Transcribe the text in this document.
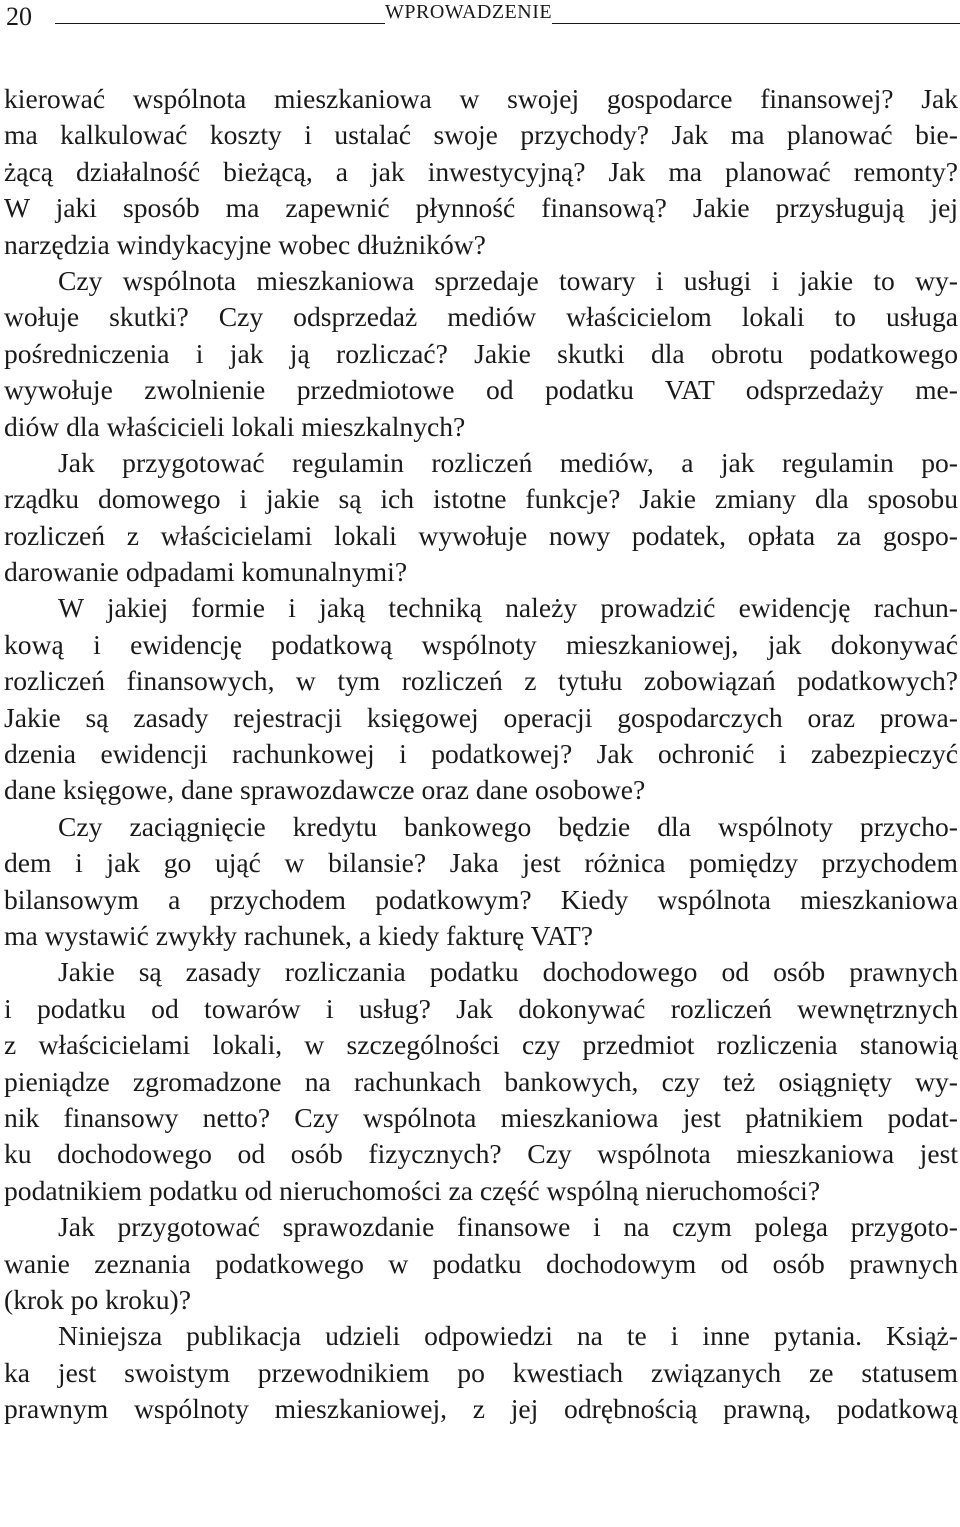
20	WPROWADZENIE
kierować wspólnota mieszkaniowa w swojej gospodarce finansowej? Jak
ma kalkulować koszty i ustalać swoje przychody? Jak ma planować bie-
żącą działalność bieżącą, a jak inwestycyjną? Jak ma planować remonty?
W jaki sposób ma zapewnić płynność finansową? Jakie przysługują jej
narzędzia windykacyjne wobec dłużników?
Czy wspólnota mieszkaniowa sprzedaje towary i usługi i jakie to wy-
wołuje skutki? Czy odsprzedaż mediów właścicielom lokali to usługa
pośredniczenia i jak ją rozliczać? Jakie skutki dla obrotu podatkowego
wywołuje zwolnienie przedmiotowe od podatku VAT odsprzedaży me-
diów dla właścicieli lokali mieszkalnych?
Jak przygotować regulamin rozliczeń mediów, a jak regulamin po-
rządku domowego i jakie są ich istotne funkcje? Jakie zmiany dla sposobu
rozliczeń z właścicielami lokali wywołuje nowy podatek, opłata za gospo-
darowanie odpadami komunalnymi?
W jakiej formie i jaką techniką należy prowadzić ewidencję rachun-
kową i ewidencję podatkową wspólnoty mieszkaniowej, jak dokonywać
rozliczeń finansowych, w tym rozliczeń z tytułu zobowiązań podatkowych?
Jakie są zasady rejestracji księgowej operacji gospodarczych oraz prowa-
dzenia ewidencji rachunkowej i podatkowej? Jak ochronić i zabezpieczyć
dane księgowe, dane sprawozdawcze oraz dane osobowe?
Czy zaciągnięcie kredytu bankowego będzie dla wspólnoty przycho-
dem i jak go ująć w bilansie? Jaka jest różnica pomiędzy przychodem
bilansowym a przychodem podatkowym? Kiedy wspólnota mieszkaniowa
ma wystawić zwykły rachunek, a kiedy fakturę VAT?
Jakie są zasady rozliczania podatku dochodowego od osób prawnych
i podatku od towarów i usług? Jak dokonywać rozliczeń wewnętrznych
z właścicielami lokali, w szczególności czy przedmiot rozliczenia stanowią
pieniądze zgromadzone na rachunkach bankowych, czy też osiągnięty wy-
nik finansowy netto? Czy wspólnota mieszkaniowa jest płatnikiem podat-
ku dochodowego od osób fizycznych? Czy wspólnota mieszkaniowa jest
podatnikiem podatku od nieruchomości za część wspólną nieruchomości?
Jak przygotować sprawozdanie finansowe i na czym polega przygoto-
wanie zeznania podatkowego w podatku dochodowym od osób prawnych
(krok po kroku)?
Niniejsza publikacja udzieli odpowiedzi na te i inne pytania. Książ-
ka jest swoistym przewodnikiem po kwestiach związanych ze statusem
prawnym wspólnoty mieszkaniowej, z jej odrębnością prawną, podatkową
